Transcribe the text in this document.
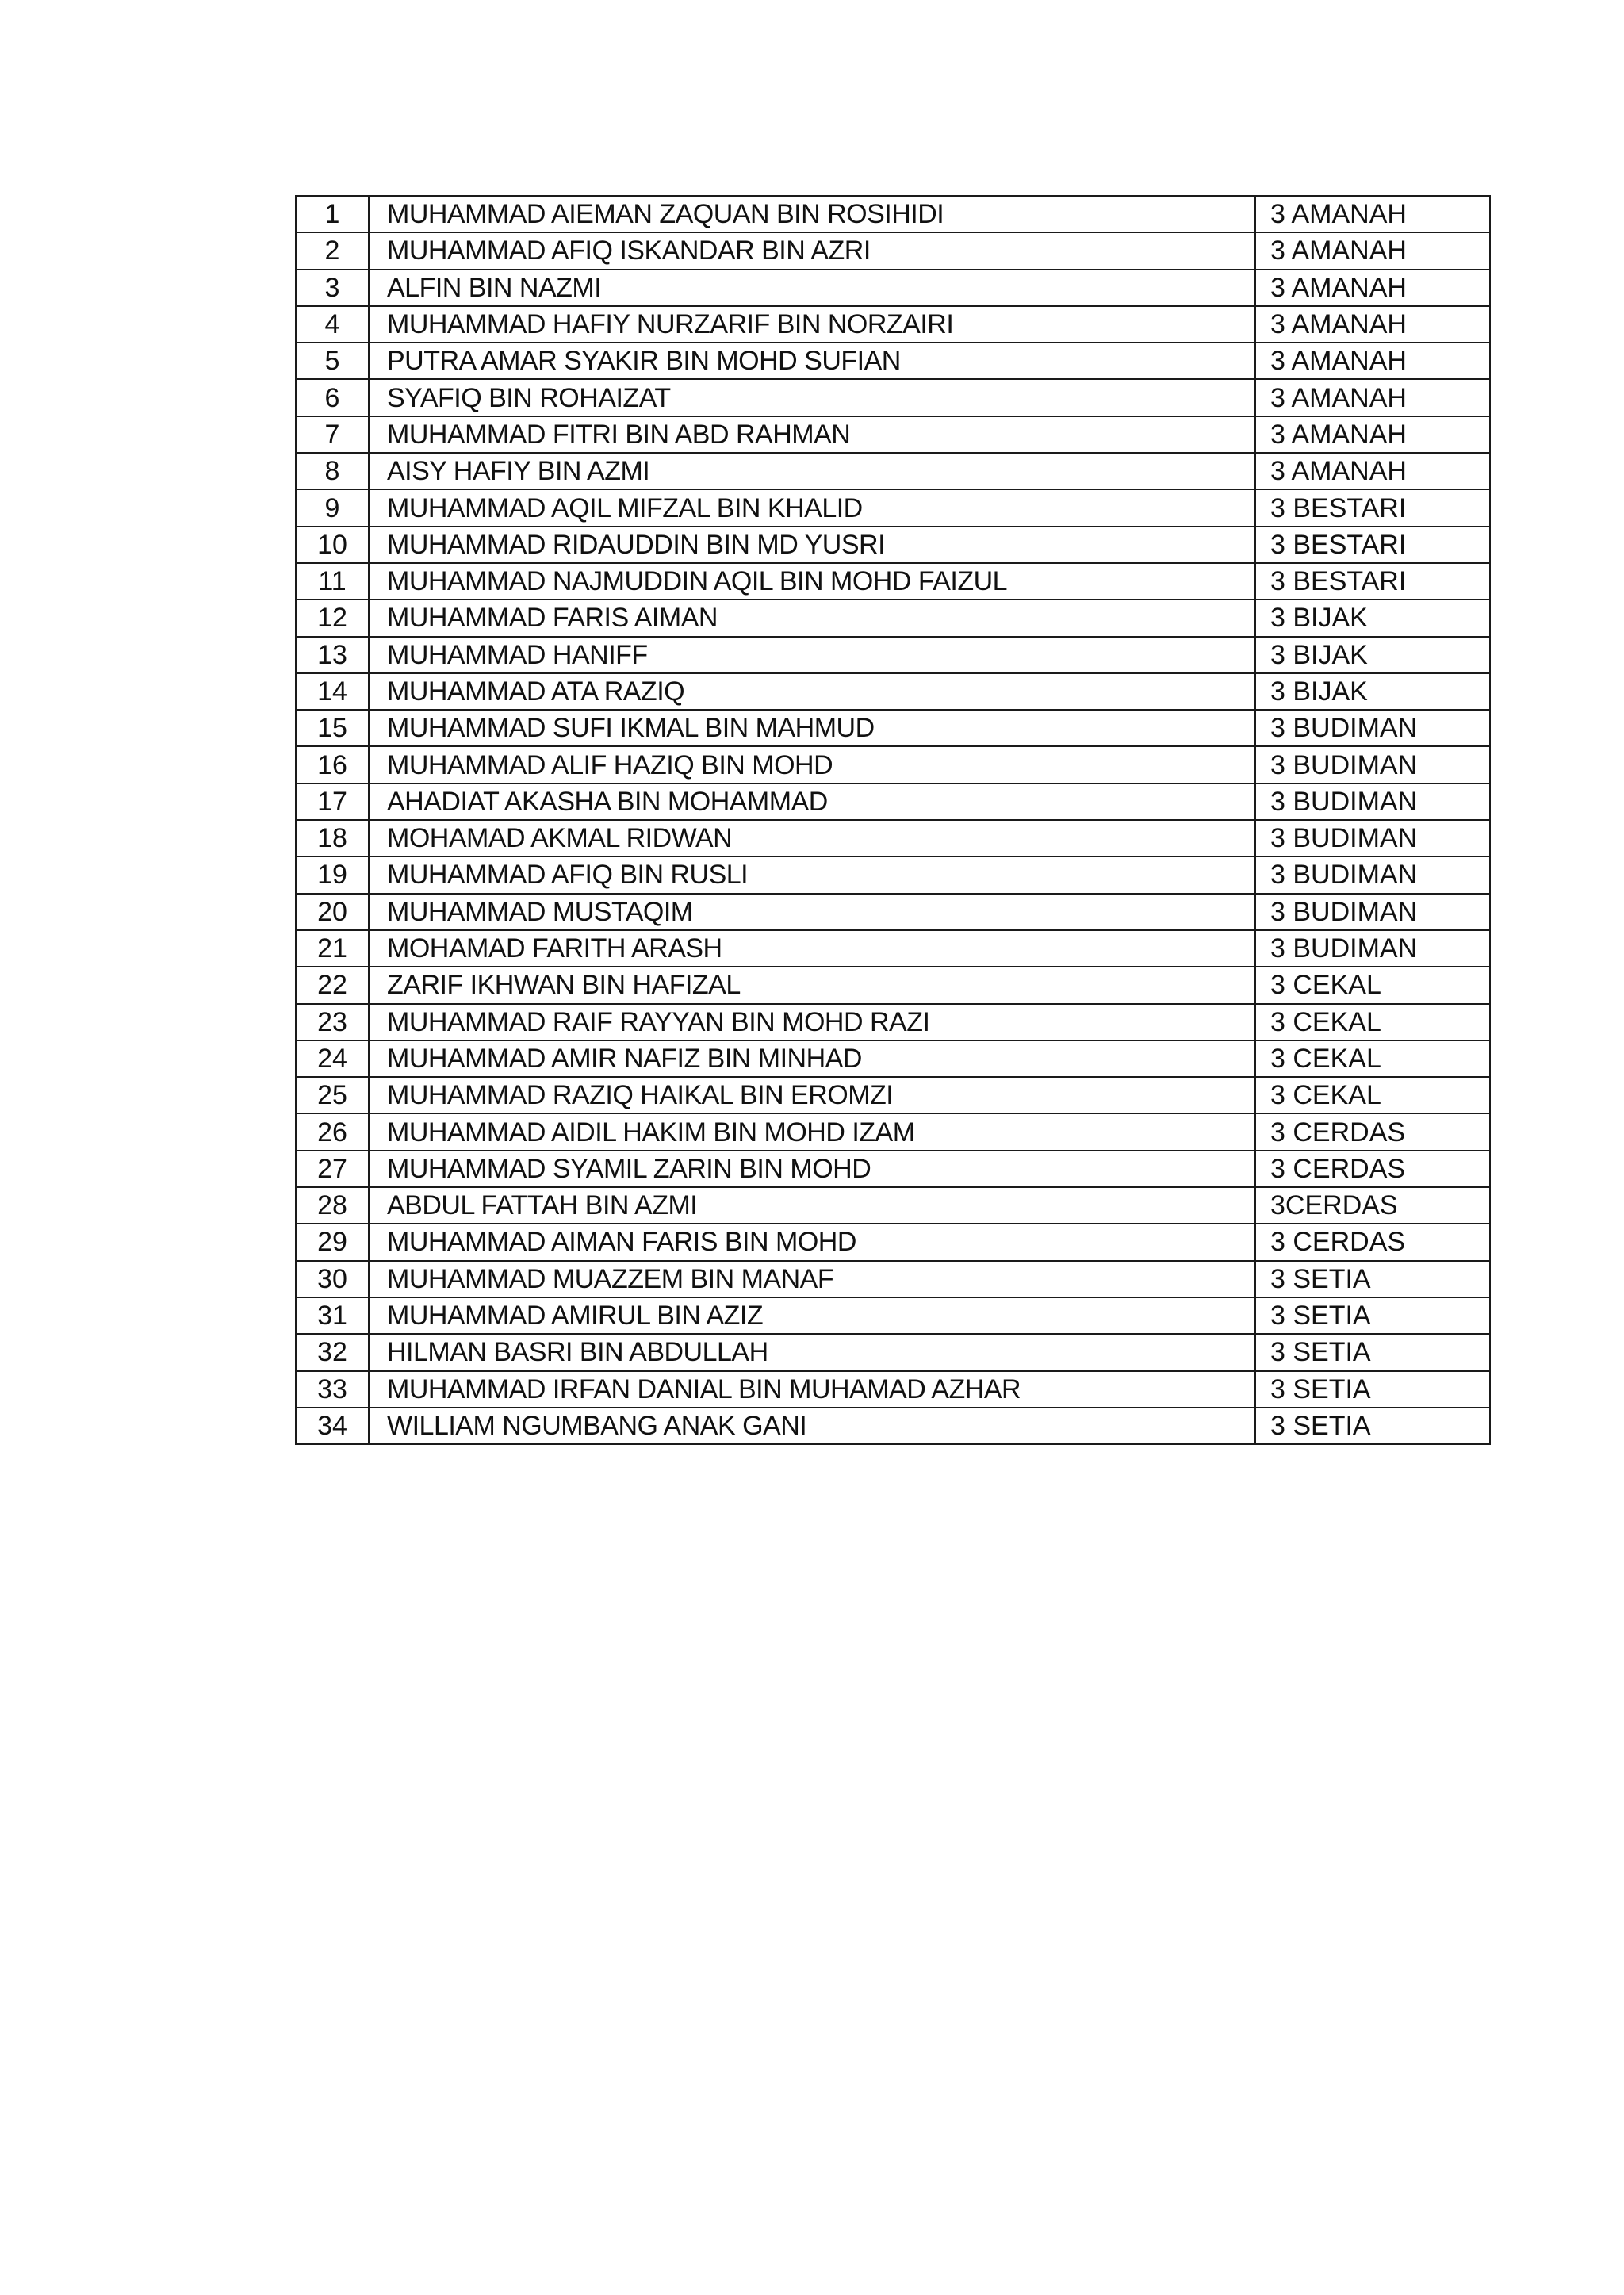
1	MUHAMMAD AIEMAN ZAQUAN BIN ROSIHIDI	3 AMANAH
2	MUHAMMAD AFIQ ISKANDAR BIN AZRI	3 AMANAH
3	ALFIN BIN NAZMI	3 AMANAH
4	MUHAMMAD HAFIY NURZARIF BIN NORZAIRI	3 AMANAH
5	PUTRA AMAR SYAKIR BIN MOHD SUFIAN	3 AMANAH
6	SYAFIQ BIN ROHAIZAT	3 AMANAH
7	MUHAMMAD FITRI BIN ABD RAHMAN	3 AMANAH
8	AISY HAFIY BIN AZMI	3 AMANAH
9	MUHAMMAD AQIL MIFZAL BIN KHALID	3 BESTARI
10	MUHAMMAD RIDAUDDIN BIN MD YUSRI	3 BESTARI
11	MUHAMMAD NAJMUDDIN AQIL BIN MOHD FAIZUL	3 BESTARI
12	MUHAMMAD FARIS AIMAN	3 BIJAK
13	MUHAMMAD HANIFF	3 BIJAK
14	MUHAMMAD ATA RAZIQ	3 BIJAK
15	MUHAMMAD SUFI IKMAL BIN MAHMUD	3 BUDIMAN
16	MUHAMMAD ALIF HAZIQ BIN MOHD	3 BUDIMAN
17	AHADIAT AKASHA BIN MOHAMMAD	3 BUDIMAN
18	MOHAMAD AKMAL RIDWAN	3 BUDIMAN
19	MUHAMMAD AFIQ BIN RUSLI	3 BUDIMAN
20	MUHAMMAD MUSTAQIM	3 BUDIMAN
21	MOHAMAD FARITH ARASH	3 BUDIMAN
22	ZARIF IKHWAN BIN HAFIZAL	3 CEKAL
23	MUHAMMAD RAIF RAYYAN BIN MOHD RAZI	3 CEKAL
24	MUHAMMAD AMIR NAFIZ BIN MINHAD	3 CEKAL
25	MUHAMMAD RAZIQ HAIKAL BIN EROMZI	3 CEKAL
26	MUHAMMAD AIDIL HAKIM BIN MOHD IZAM	3 CERDAS
27	MUHAMMAD SYAMIL ZARIN BIN MOHD	3 CERDAS
28	ABDUL FATTAH BIN AZMI	3CERDAS
29	MUHAMMAD AIMAN FARIS BIN MOHD	3 CERDAS
30	MUHAMMAD MUAZZEM BIN MANAF	3 SETIA
31	MUHAMMAD AMIRUL BIN AZIZ	3 SETIA
32	HILMAN BASRI BIN ABDULLAH	3 SETIA
33	MUHAMMAD IRFAN DANIAL BIN MUHAMAD AZHAR	3 SETIA
34	WILLIAM NGUMBANG ANAK GANI	3 SETIA
